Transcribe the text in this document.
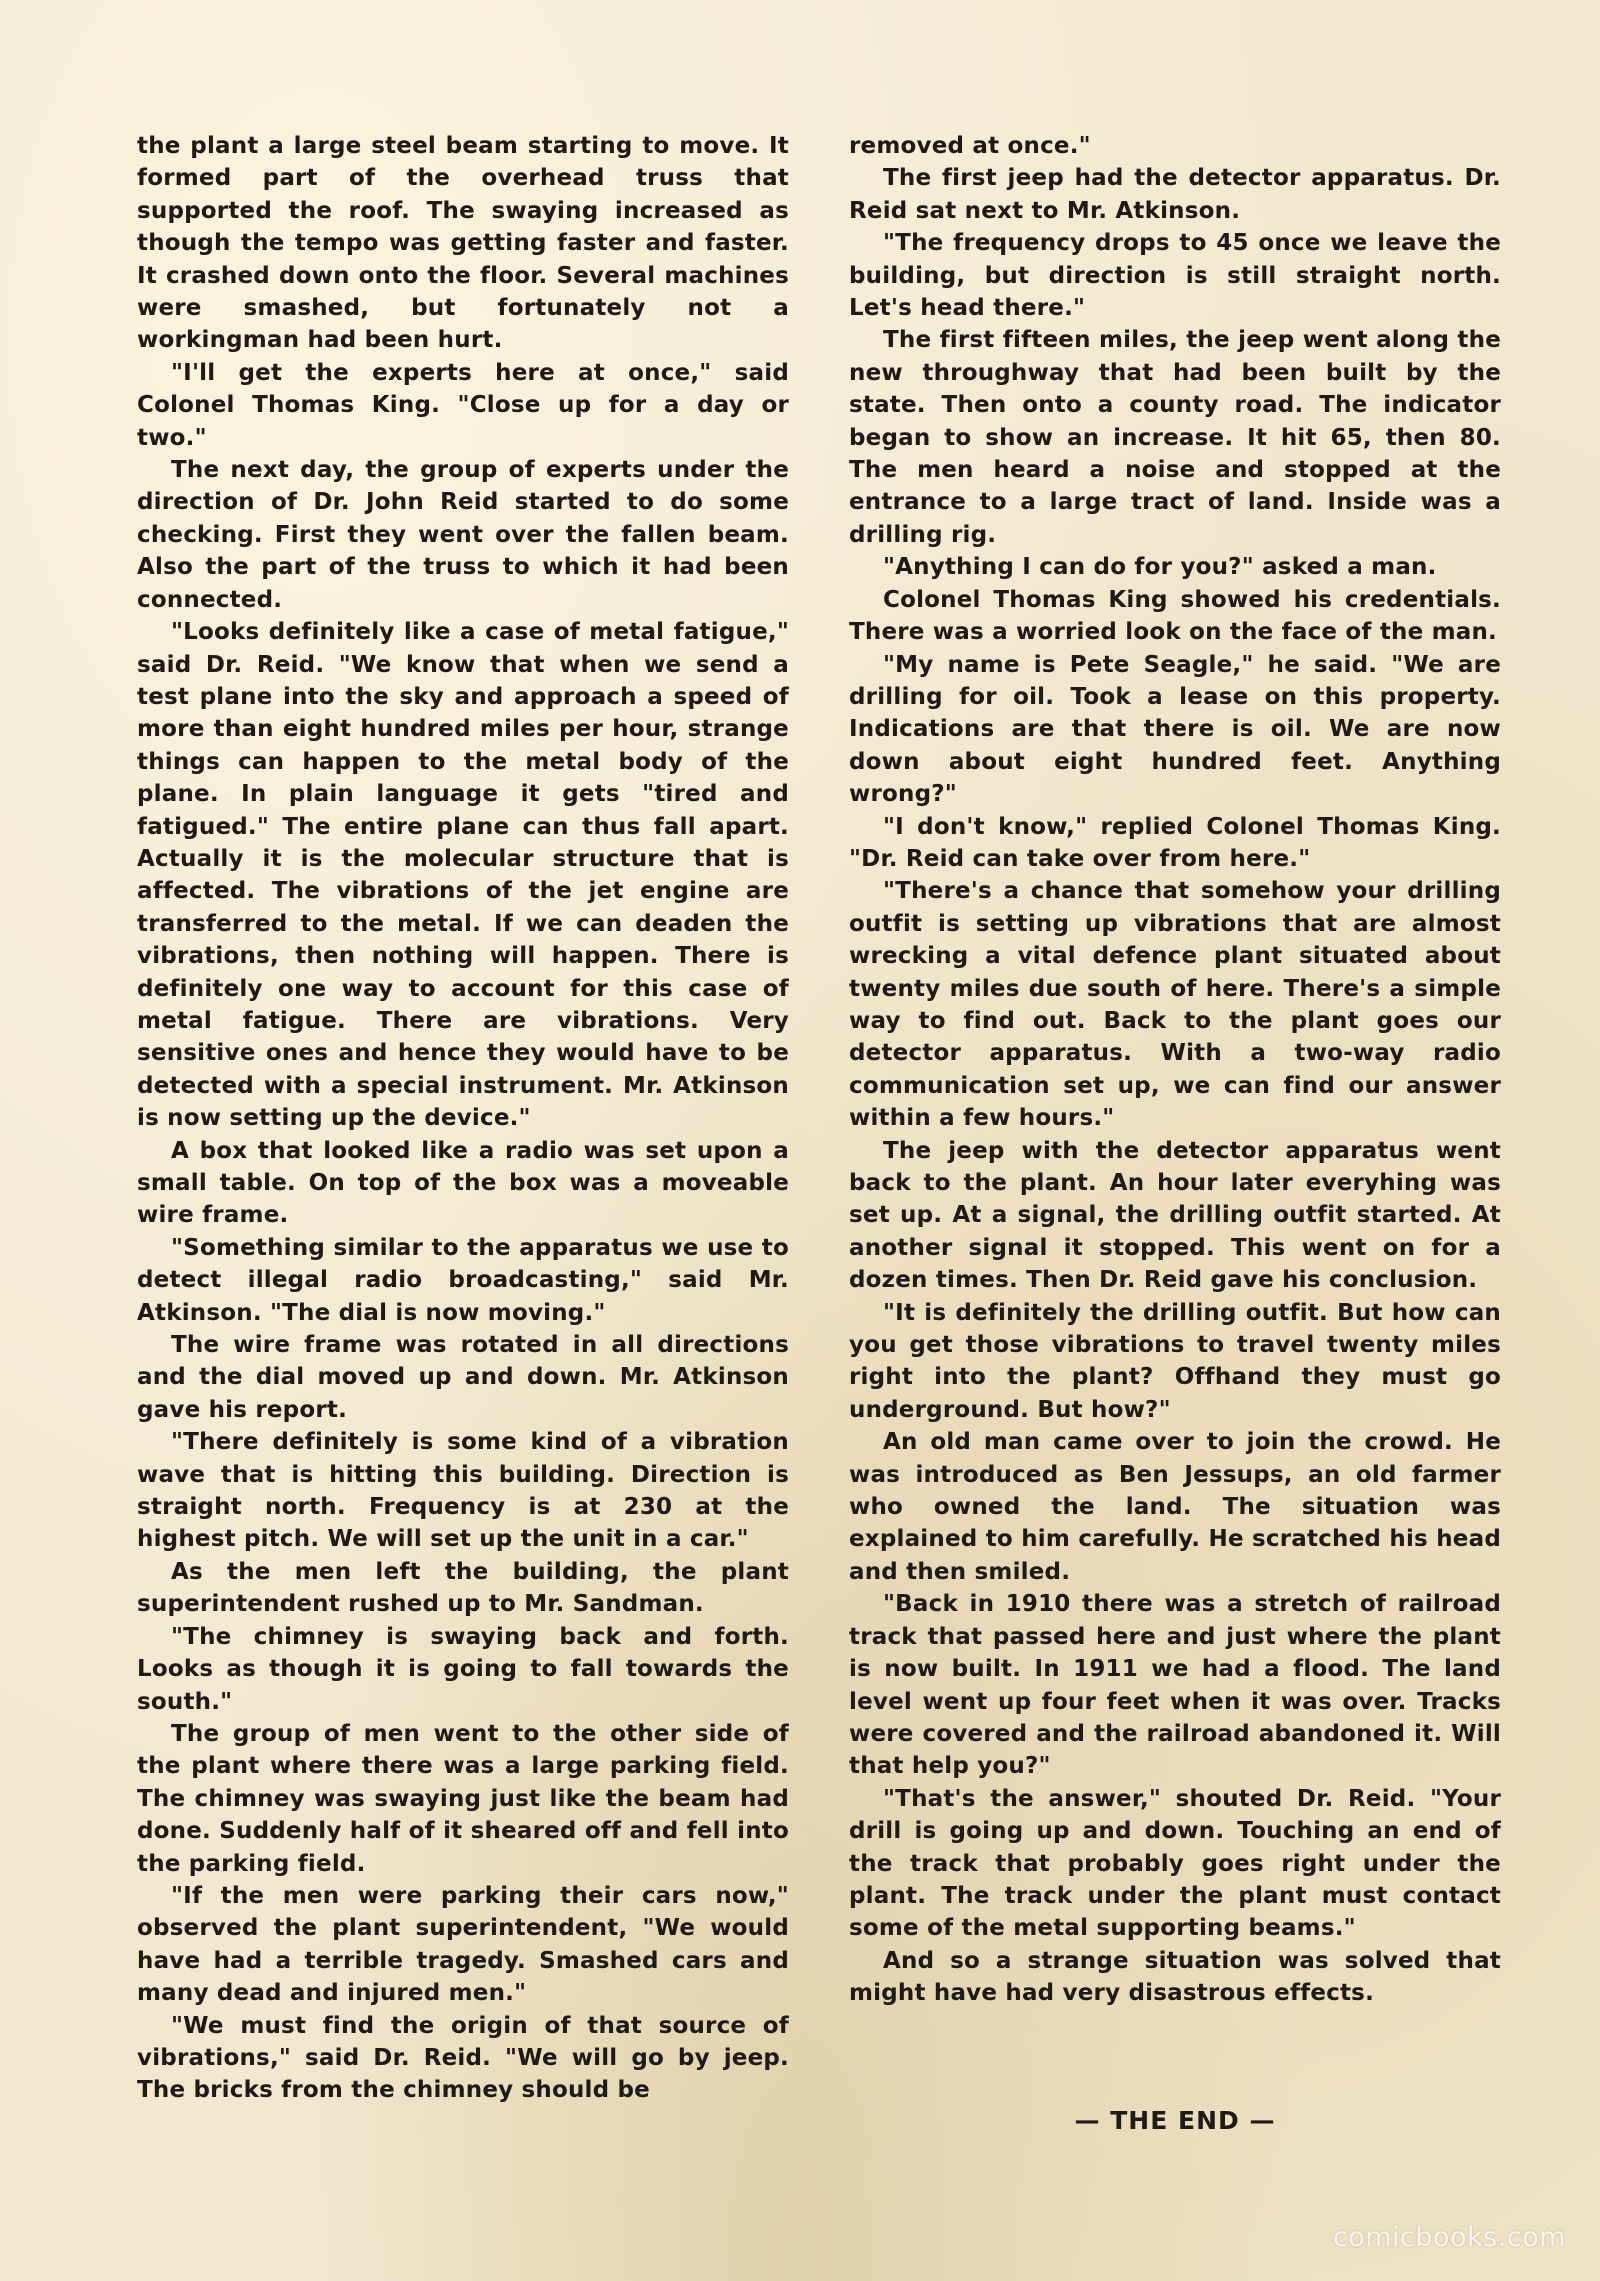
the plant a large steel beam starting to move. It formed part of the overhead truss that supported the roof. The swaying increased as though the tempo was getting faster and faster. It crashed down onto the floor. Several machines were smashed, but fortunately not a workingman had been hurt.

"I'll get the experts here at once," said Colonel Thomas King. "Close up for a day or two."

The next day, the group of experts under the direction of Dr. John Reid started to do some checking. First they went over the fallen beam. Also the part of the truss to which it had been connected.

"Looks definitely like a case of metal fatigue," said Dr. Reid. "We know that when we send a test plane into the sky and approach a speed of more than eight hundred miles per hour, strange things can happen to the metal body of the plane. In plain language it gets "tired and fatigued." The entire plane can thus fall apart. Actually it is the molecular structure that is affected. The vibrations of the jet engine are transferred to the metal. If we can deaden the vibrations, then nothing will happen. There is definitely one way to account for this case of metal fatigue. There are vibrations. Very sensitive ones and hence they would have to be detected with a special instrument. Mr. Atkinson is now setting up the device."

A box that looked like a radio was set upon a small table. On top of the box was a moveable wire frame.

"Something similar to the apparatus we use to detect illegal radio broadcasting," said Mr. Atkinson. "The dial is now moving."

The wire frame was rotated in all directions and the dial moved up and down. Mr. Atkinson gave his report.

"There definitely is some kind of a vibration wave that is hitting this building. Direction is straight north. Frequency is at 230 at the highest pitch. We will set up the unit in a car."

As the men left the building, the plant superintendent rushed up to Mr. Sandman.

"The chimney is swaying back and forth. Looks as though it is going to fall towards the south."

The group of men went to the other side of the plant where there was a large parking field. The chimney was swaying just like the beam had done. Suddenly half of it sheared off and fell into the parking field.

"If the men were parking their cars now," observed the plant superintendent, "We would have had a terrible tragedy. Smashed cars and many dead and injured men."

"We must find the origin of that source of vibrations," said Dr. Reid. "We will go by jeep. The bricks from the chimney should be

removed at once."

The first jeep had the detector apparatus. Dr. Reid sat next to Mr. Atkinson.

"The frequency drops to 45 once we leave the building, but direction is still straight north. Let's head there."

The first fifteen miles, the jeep went along the new throughway that had been built by the state. Then onto a county road. The indicator began to show an increase. It hit 65, then 80. The men heard a noise and stopped at the entrance to a large tract of land. Inside was a drilling rig.

"Anything I can do for you?" asked a man.

Colonel Thomas King showed his credentials. There was a worried look on the face of the man.

"My name is Pete Seagle," he said. "We are drilling for oil. Took a lease on this property. Indications are that there is oil. We are now down about eight hundred feet. Anything wrong?"

"I don't know," replied Colonel Thomas King. "Dr. Reid can take over from here."

"There's a chance that somehow your drilling outfit is setting up vibrations that are almost wrecking a vital defence plant situated about twenty miles due south of here. There's a simple way to find out. Back to the plant goes our detector apparatus. With a two-way radio communication set up, we can find our answer within a few hours."

The jeep with the detector apparatus went back to the plant. An hour later everyhing was set up. At a signal, the drilling outfit started. At another signal it stopped. This went on for a dozen times. Then Dr. Reid gave his conclusion.

"It is definitely the drilling outfit. But how can you get those vibrations to travel twenty miles right into the plant? Offhand they must go underground. But how?"

An old man came over to join the crowd. He was introduced as Ben Jessups, an old farmer who owned the land. The situation was explained to him carefully. He scratched his head and then smiled.

"Back in 1910 there was a stretch of railroad track that passed here and just where the plant is now built. In 1911 we had a flood. The land level went up four feet when it was over. Tracks were covered and the railroad abandoned it. Will that help you?"

"That's the answer," shouted Dr. Reid. "Your drill is going up and down. Touching an end of the track that probably goes right under the plant. The track under the plant must contact some of the metal supporting beams."

And so a strange situation was solved that might have had very disastrous effects.

— THE END —
comicbooks.com
